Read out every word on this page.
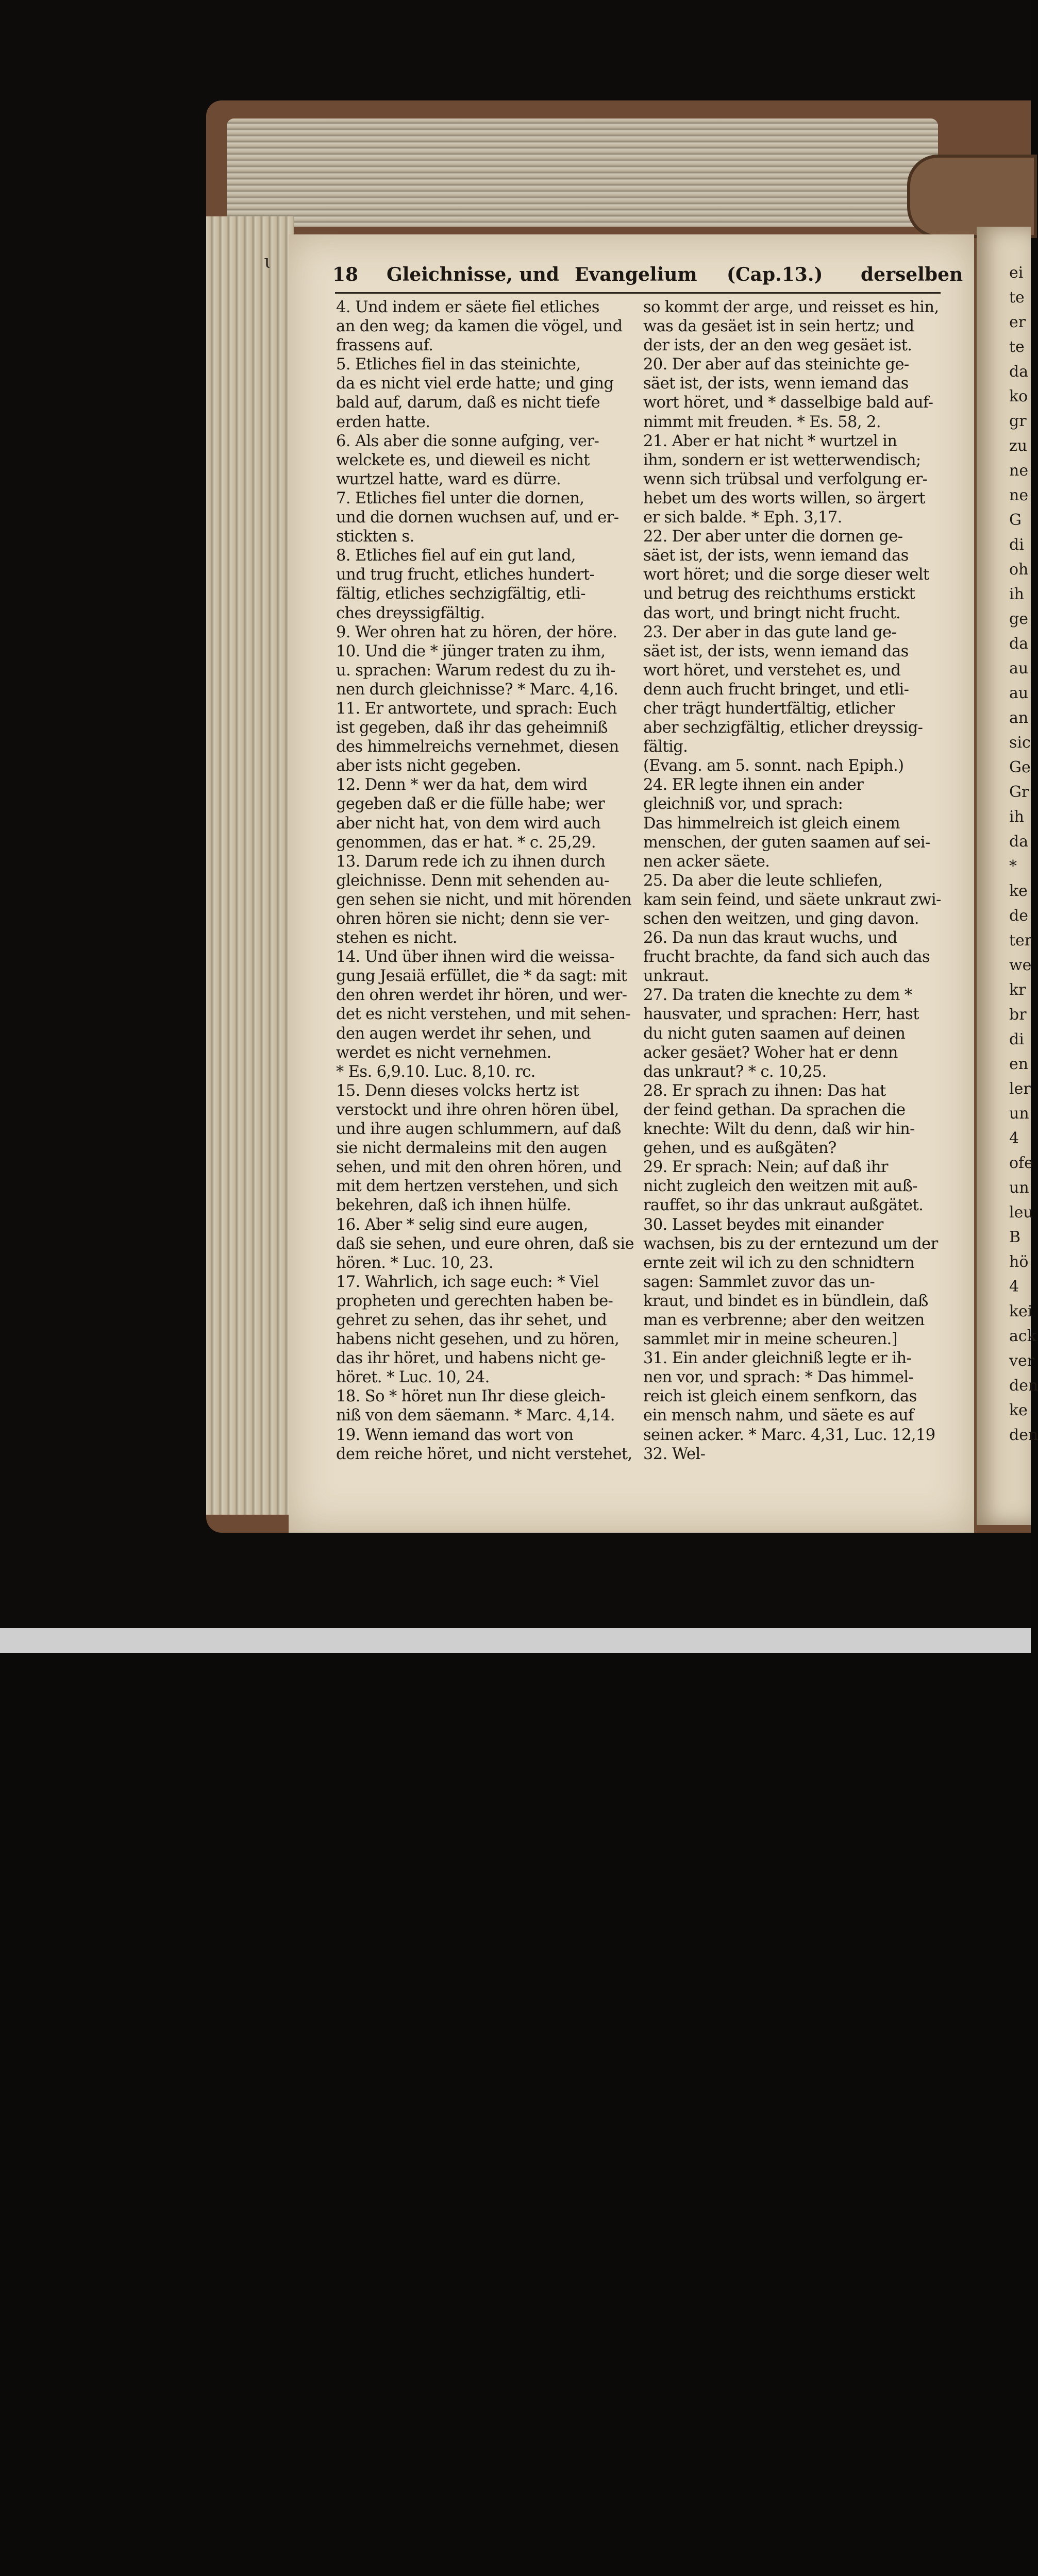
18 Gleichnisse, und Evangelium (Cap.13.) derselben
4. Und indem er säete fiel etliches
an den weg; da kamen die vögel, und
frassens auf.
5. Etliches fiel in das steinichte,
da es nicht viel erde hatte; und ging
bald auf, darum, daß es nicht tiefe
erden hatte.
6. Als aber die sonne aufging, ver-
welckete es, und dieweil es nicht
wurtzel hatte, ward es dürre.
7. Etliches fiel unter die dornen,
und die dornen wuchsen auf, und er-
stickten s.
8. Etliches fiel auf ein gut land,
und trug frucht, etliches hundert-
fältig, etliches sechzigfältig, etli-
ches dreyssigfältig.
9. Wer ohren hat zu hören, der höre.
10. Und die * jünger traten zu ihm,
u. sprachen: Warum redest du zu ih-
nen durch gleichnisse? * Marc. 4,16.
11. Er antwortete, und sprach: Euch
ist gegeben, daß ihr das geheimniß
des himmelreichs vernehmet, diesen
aber ists nicht gegeben.
12. Denn * wer da hat, dem wird
gegeben daß er die fülle habe; wer
aber nicht hat, von dem wird auch
genommen, das er hat. * c. 25,29.
13. Darum rede ich zu ihnen durch
gleichnisse. Denn mit sehenden au-
gen sehen sie nicht, und mit hörenden
ohren hören sie nicht; denn sie ver-
stehen es nicht.
14. Und über ihnen wird die weissa-
gung Jesaiä erfüllet, die * da sagt: mit
den ohren werdet ihr hören, und wer-
det es nicht verstehen, und mit sehen-
den augen werdet ihr sehen, und
werdet es nicht vernehmen.
* Es. 6,9.10. Luc. 8,10. rc.
15. Denn dieses volcks hertz ist
verstockt und ihre ohren hören übel,
und ihre augen schlummern, auf daß
sie nicht dermaleins mit den augen
sehen, und mit den ohren hören, und
mit dem hertzen verstehen, und sich
bekehren, daß ich ihnen hülfe.
16. Aber * selig sind eure augen,
daß sie sehen, und eure ohren, daß sie
hören. * Luc. 10, 23.
17. Wahrlich, ich sage euch: * Viel
propheten und gerechten haben be-
gehret zu sehen, das ihr sehet, und
habens nicht gesehen, und zu hören,
das ihr höret, und habens nicht ge-
höret. * Luc. 10, 24.
18. So * höret nun Ihr diese gleich-
niß von dem säemann. * Marc. 4,14.
19. Wenn iemand das wort von
dem reiche höret, und nicht verstehet,
so kommt der arge, und reisset es hin,
was da gesäet ist in sein hertz; und
der ists, der an den weg gesäet ist.
20. Der aber auf das steinichte ge-
säet ist, der ists, wenn iemand das
wort höret, und * dasselbige bald auf-
nimmt mit freuden. * Es. 58, 2.
21. Aber er hat nicht * wurtzel in
ihm, sondern er ist wetterwendisch;
wenn sich trübsal und verfolgung er-
hebet um des worts willen, so ärgert
er sich balde. * Eph. 3,17.
22. Der aber unter die dornen ge-
säet ist, der ists, wenn iemand das
wort höret; und die sorge dieser welt
und betrug des reichthums erstickt
das wort, und bringt nicht frucht.
23. Der aber in das gute land ge-
säet ist, der ists, wenn iemand das
wort höret, und verstehet es, und
denn auch frucht bringet, und etli-
cher trägt hundertfältig, etlicher
aber sechzigfältig, etlicher dreyssig-
fältig.
(Evang. am 5. sonnt. nach Epiph.)
24. ER legte ihnen ein ander
gleichniß vor, und sprach:
Das himmelreich ist gleich einem
menschen, der guten saamen auf sei-
nen acker säete.
25. Da aber die leute schliefen,
kam sein feind, und säete unkraut zwi-
schen den weitzen, und ging davon.
26. Da nun das kraut wuchs, und
frucht brachte, da fand sich auch das
unkraut.
27. Da traten die knechte zu dem *
hausvater, und sprachen: Herr, hast
du nicht guten saamen auf deinen
acker gesäet? Woher hat er denn
das unkraut? * c. 10,25.
28. Er sprach zu ihnen: Das hat
der feind gethan. Da sprachen die
knechte: Wilt du denn, daß wir hin-
gehen, und es außgäten?
29. Er sprach: Nein; auf daß ihr
nicht zugleich den weitzen mit auß-
rauffet, so ihr das unkraut außgätet.
30. Lasset beydes mit einander
wachsen, bis zu der erntezund um der
ernte zeit wil ich zu den schnidtern
sagen: Sammlet zuvor das un-
kraut, und bindet es in bündlein, daß
man es verbrenne; aber den weitzen
sammlet mir in meine scheuren.]
31. Ein ander gleichniß legte er ih-
nen vor, und sprach: * Das himmel-
reich ist gleich einem senfkorn, das
ein mensch nahm, und säete es auf
seinen acker. * Marc. 4,31, Luc. 12,19
32. Wel-
ei
te
er
te
da
ko
gr
zu
ne
ne
G
di
oh
ih
ge
da
au
au
an
sic
Ge
Gr
ih
da
*
ke
de
ter
we
kr
br
di
en
ler
un
4
ofe
un
leu
B
hö
4
kei
ack
ver
den
ke
den
ɩ
